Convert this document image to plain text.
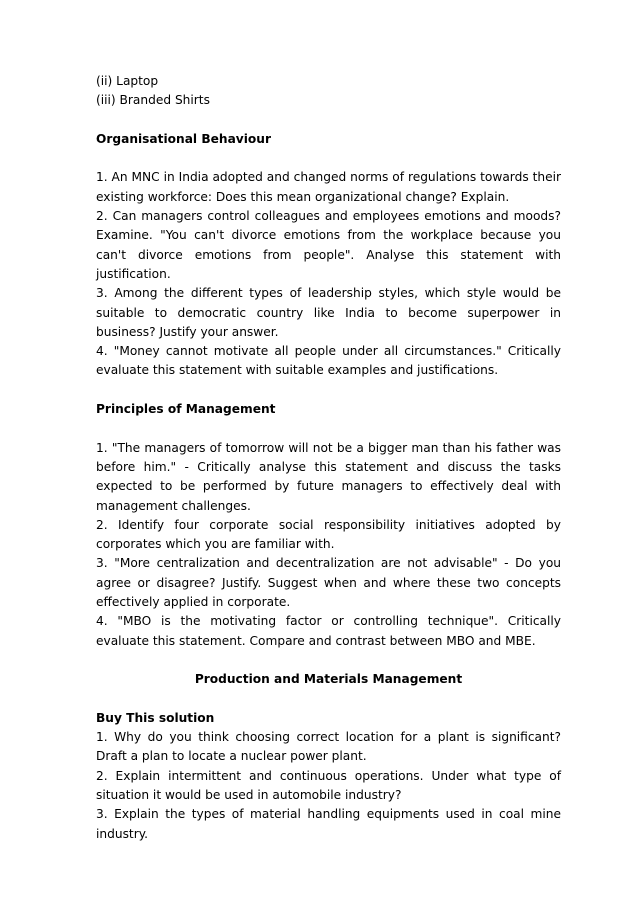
(ii) Laptop
(iii) Branded Shirts
Organisational Behaviour
1. An MNC in India adopted and changed norms of regulations towards their existing workforce: Does this mean organizational change? Explain.
2. Can managers control colleagues and employees emotions and moods? Examine. "You can't divorce emotions from the workplace because you can't divorce emotions from people". Analyse this statement with justification.
3. Among the different types of leadership styles, which style would be suitable to democratic country like India to become superpower in business? Justify your answer.
4. "Money cannot motivate all people under all circumstances." Critically evaluate this statement with suitable examples and justifications.
Principles of Management
1. "The managers of tomorrow will not be a bigger man than his father was before him." - Critically analyse this statement and discuss the tasks expected to be performed by future managers to effectively deal with management challenges.
2. Identify four corporate social responsibility initiatives adopted by corporates which you are familiar with.
3. "More centralization and decentralization are not advisable" - Do you agree or disagree? Justify. Suggest when and where these two concepts effectively applied in corporate.
4. "MBO is the motivating factor or controlling technique". Critically evaluate this statement. Compare and contrast between MBO and MBE.
Production and Materials Management
Buy This solution
1. Why do you think choosing correct location for a plant is significant? Draft a plan to locate a nuclear power plant.
2. Explain intermittent and continuous operations. Under what type of situation it would be used in automobile industry?
3. Explain the types of material handling equipments used in coal mine industry.
